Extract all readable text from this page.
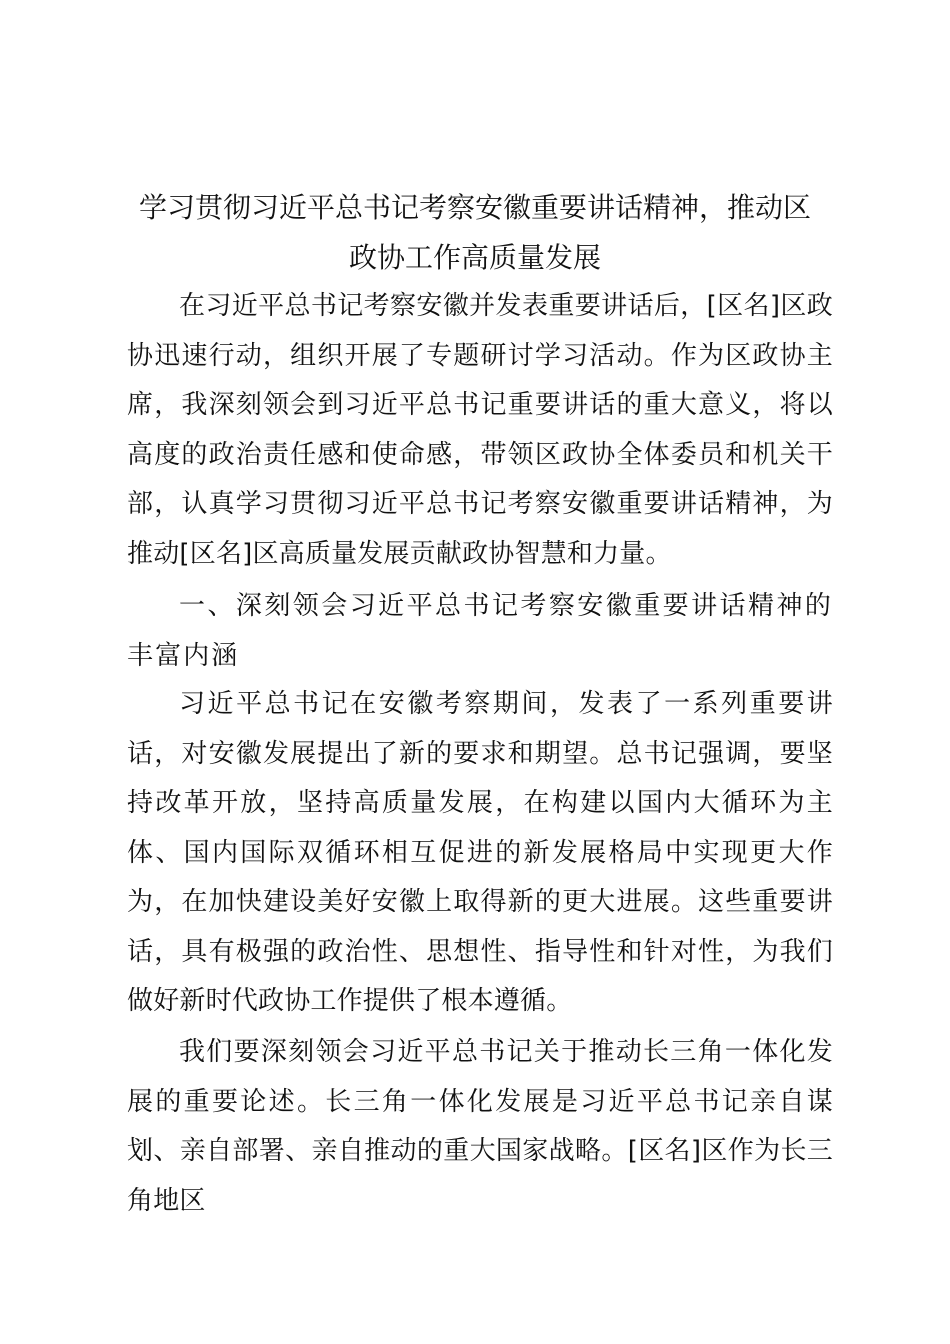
学习贯彻习近平总书记考察安徽重要讲话精神，推动区
政协工作高质量发展

在习近平总书记考察安徽并发表重要讲话后，[区名]区政协迅速行动，组织开展了专题研讨学习活动。作为区政协主席，我深刻领会到习近平总书记重要讲话的重大意义，将以高度的政治责任感和使命感，带领区政协全体委员和机关干部，认真学习贯彻习近平总书记考察安徽重要讲话精神，为推动[区名]区高质量发展贡献政协智慧和力量。

一、深刻领会习近平总书记考察安徽重要讲话精神的丰富内涵

习近平总书记在安徽考察期间，发表了一系列重要讲话，对安徽发展提出了新的要求和期望。总书记强调，要坚持改革开放，坚持高质量发展，在构建以国内大循环为主体、国内国际双循环相互促进的新发展格局中实现更大作为，在加快建设美好安徽上取得新的更大进展。这些重要讲话，具有极强的政治性、思想性、指导性和针对性，为我们做好新时代政协工作提供了根本遵循。

我们要深刻领会习近平总书记关于推动长三角一体化发展的重要论述。长三角一体化发展是习近平总书记亲自谋划、亲自部署、亲自推动的重大国家战略。[区名]区作为长三角地区
